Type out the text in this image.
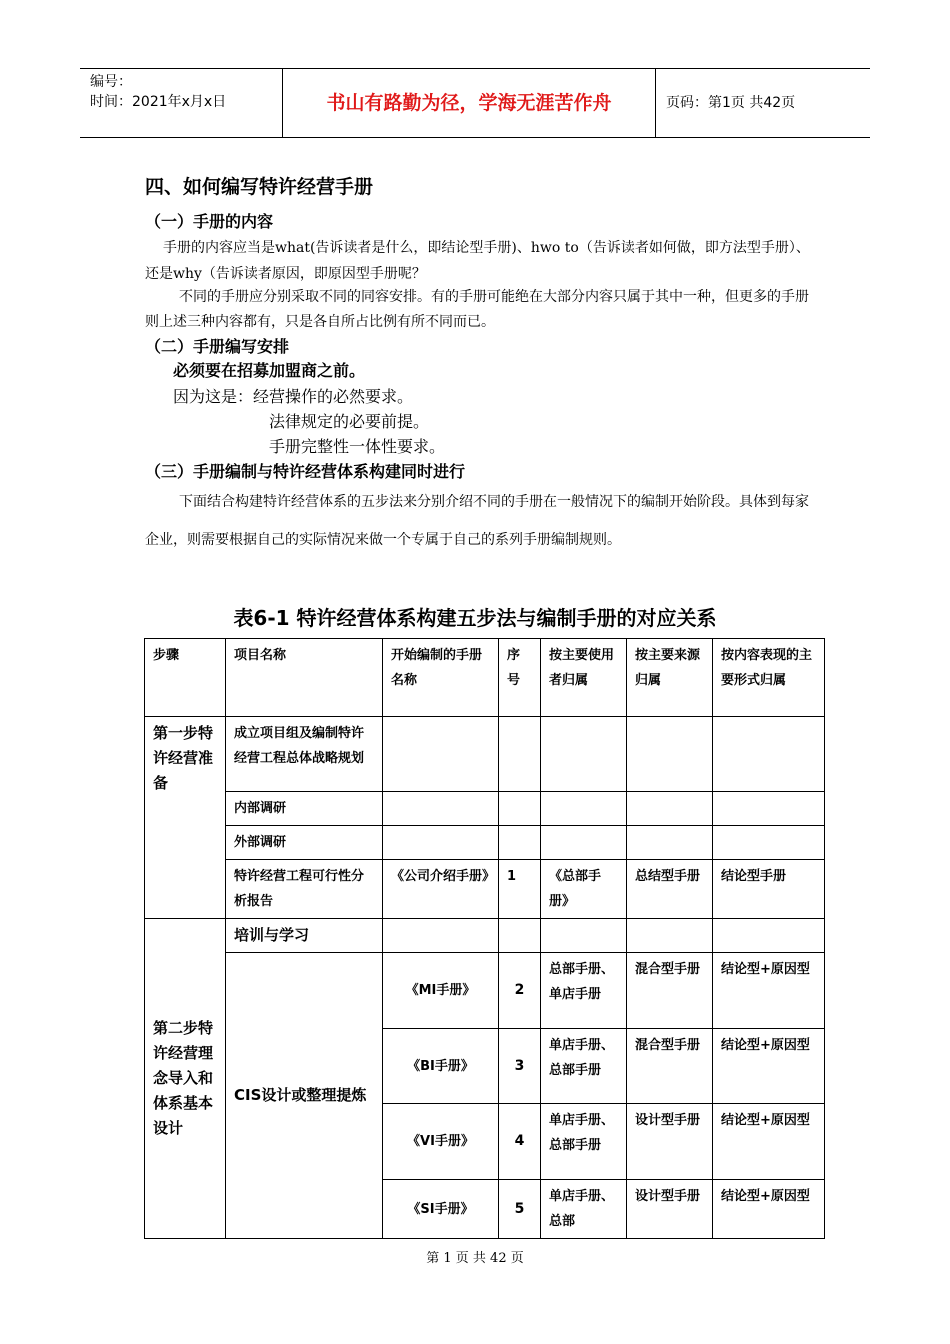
编号：
时间：2021年x月x日	书山有路勤为径，学海无涯苦作舟	页码：第1页 共42页
四、如何编写特许经营手册
（一）手册的内容
手册的内容应当是what(告诉读者是什么，即结论型手册)、hwo to（告诉读者如何做，即方法型手册）、还是why（告诉读者原因，即原因型手册呢？
不同的手册应分别采取不同的同容安排。有的手册可能绝在大部分内容只属于其中一种，但更多的手册则上述三种内容都有，只是各自所占比例有所不同而已。
（二）手册编写安排
必须要在招募加盟商之前。
因为这是：经营操作的必然要求。
法律规定的必要前提。
手册完整性一体性要求。
（三）手册编制与特许经营体系构建同时进行
下面结合构建特许经营体系的五步法来分别介绍不同的手册在一般情况下的编制开始阶段。具体到每家企业，则需要根据自己的实际情况来做一个专属于自己的系列手册编制规则。
表6-1 特许经营体系构建五步法与编制手册的对应关系
步骤	项目名称	开始编制的手册名称	序号	按主要使用者归属	按主要来源归属	按内容表现的主要形式归属
第一步特许经营准备	成立项目组及编制特许经营工程总体战略规划					
	内部调研					
	外部调研					
	特许经营工程可行性分析报告	《公司介绍手册》	1	《总部手册》	总结型手册	结论型手册
第二步特许经营理念导入和体系基本设计	培训与学习					
	CIS设计或整理提炼	《MI手册》	2	总部手册、单店手册	混合型手册	结论型+原因型
		《BI手册》	3	单店手册、总部手册	混合型手册	结论型+原因型
		《VI手册》	4	单店手册、总部手册	设计型手册	结论型+原因型
		《SI手册》	5	单店手册、总部	设计型手册	结论型+原因型
第 1 页 共 42 页
